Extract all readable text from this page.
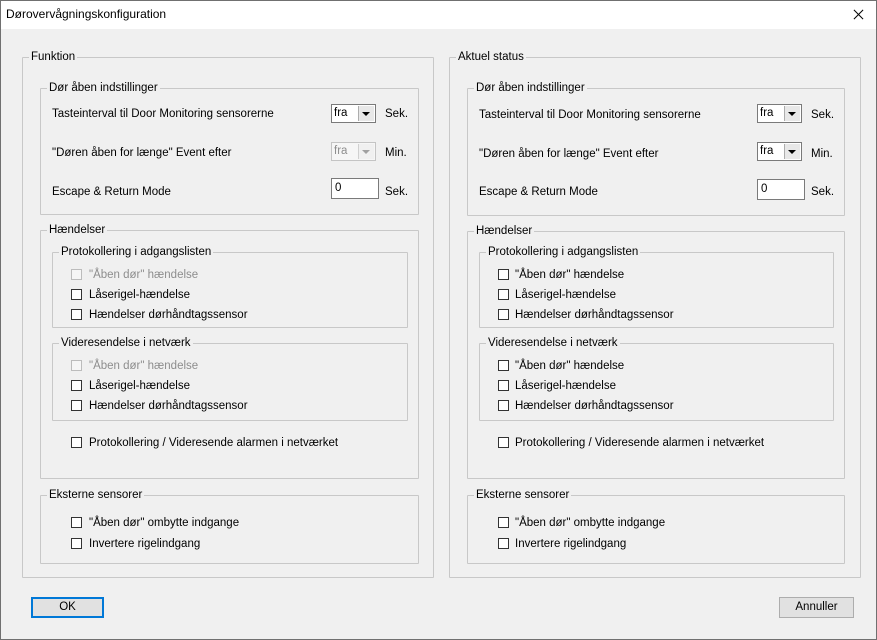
Dørovervågningskonfiguration
Funktion
Dør åben indstillinger
Tasteinterval til Door Monitoring sensorerne	fra	Sek.
"Døren åben for længe" Event efter	fra	Min.
Escape & Return Mode	0	Sek.
Hændelser
Protokollering i adgangslisten
"Åben dør" hændelse
Låserigel-hændelse
Hændelser dørhåndtagssensor
Videresendelse i netværk
"Åben dør" hændelse
Låserigel-hændelse
Hændelser dørhåndtagssensor
Protokollering / Videresende alarmen i netværket
Eksterne sensorer
"Åben dør" ombytte indgange
Invertere rigelindgang
Aktuel status
Dør åben indstillinger
Tasteinterval til Door Monitoring sensorerne	fra	Sek.
"Døren åben for længe" Event efter	fra	Min.
Escape & Return Mode	0	Sek.
Hændelser
Protokollering i adgangslisten
"Åben dør" hændelse
Låserigel-hændelse
Hændelser dørhåndtagssensor
Videresendelse i netværk
"Åben dør" hændelse
Låserigel-hændelse
Hændelser dørhåndtagssensor
Protokollering / Videresende alarmen i netværket
Eksterne sensorer
"Åben dør" ombytte indgange
Invertere rigelindgang
OK	Annuller
